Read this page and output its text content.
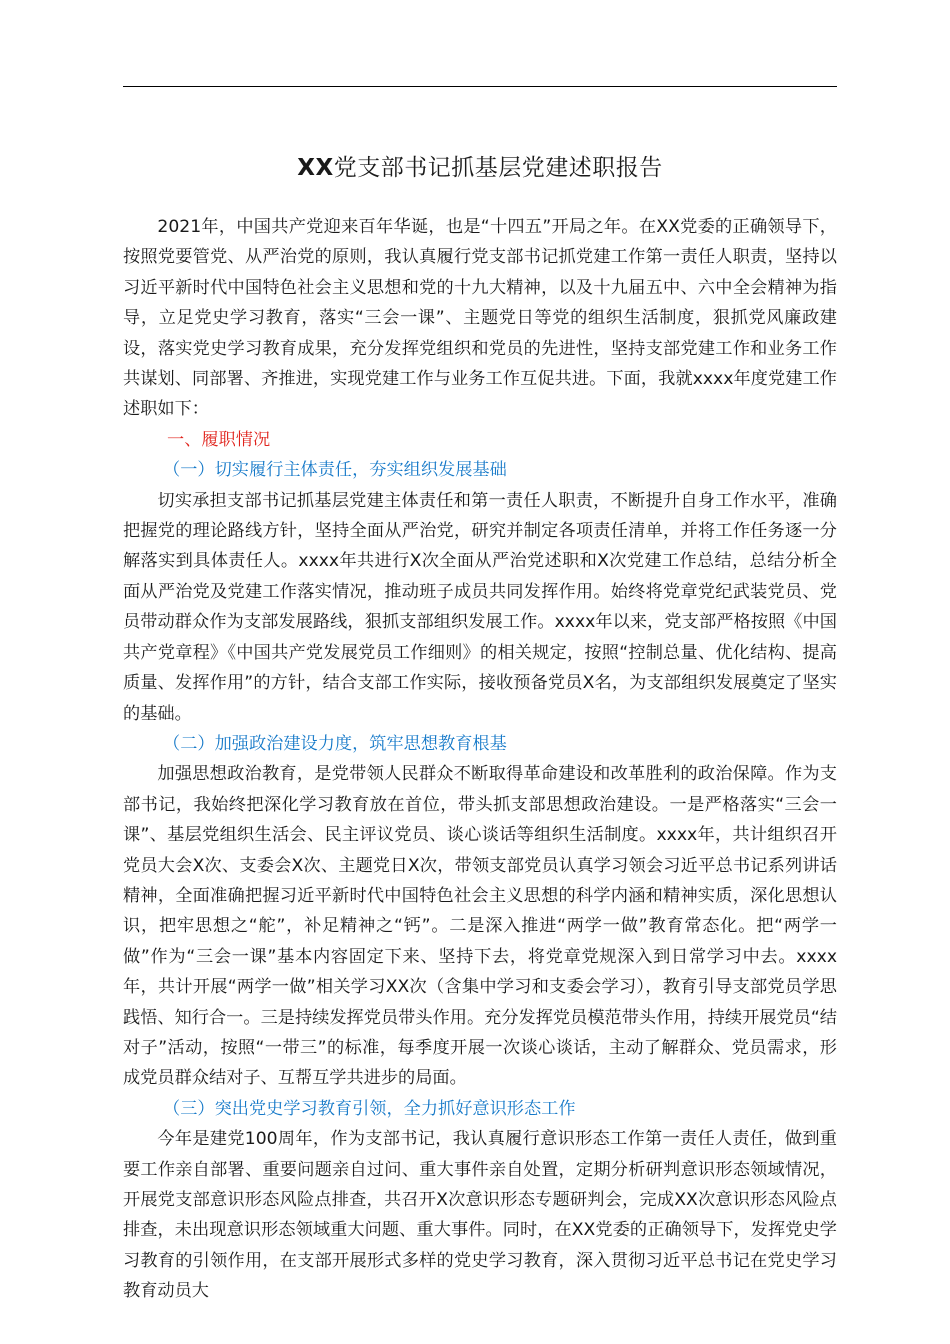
XX党支部书记抓基层党建述职报告

2021年，中国共产党迎来百年华诞，也是“十四五”开局之年。在XX党委的正确领导下，按照党要管党、从严治党的原则，我认真履行党支部书记抓党建工作第一责任人职责，坚持以习近平新时代中国特色社会主义思想和党的十九大精神，以及十九届五中、六中全会精神为指导，立足党史学习教育，落实“三会一课”、主题党日等党的组织生活制度，狠抓党风廉政建设，落实党史学习教育成果，充分发挥党组织和党员的先进性，坚持支部党建工作和业务工作共谋划、同部署、齐推进，实现党建工作与业务工作互促共进。下面，我就xxxx年度党建工作述职如下：

一、履职情况
（一）切实履行主体责任，夯实组织发展基础

切实承担支部书记抓基层党建主体责任和第一责任人职责，不断提升自身工作水平，准确把握党的理论路线方针，坚持全面从严治党，研究并制定各项责任清单，并将工作任务逐一分解落实到具体责任人。xxxx年共进行X次全面从严治党述职和X次党建工作总结，总结分析全面从严治党及党建工作落实情况，推动班子成员共同发挥作用。始终将党章党纪武装党员、党员带动群众作为支部发展路线，狠抓支部组织发展工作。xxxx年以来，党支部严格按照《中国共产党章程》《中国共产党发展党员工作细则》的相关规定，按照“控制总量、优化结构、提高质量、发挥作用”的方针，结合支部工作实际，接收预备党员X名，为支部组织发展奠定了坚实的基础。

（二）加强政治建设力度，筑牢思想教育根基

加强思想政治教育，是党带领人民群众不断取得革命建设和改革胜利的政治保障。作为支部书记，我始终把深化学习教育放在首位，带头抓支部思想政治建设。一是严格落实“三会一课”、基层党组织生活会、民主评议党员、谈心谈话等组织生活制度。xxxx年，共计组织召开党员大会X次、支委会X次、主题党日X次，带领支部党员认真学习领会习近平总书记系列讲话精神，全面准确把握习近平新时代中国特色社会主义思想的科学内涵和精神实质，深化思想认识，把牢思想之“舵”，补足精神之“钙”。二是深入推进“两学一做”教育常态化。把“两学一做”作为“三会一课”基本内容固定下来、坚持下去，将党章党规深入到日常学习中去。xxxx年，共计开展“两学一做”相关学习XX次（含集中学习和支委会学习），教育引导支部党员学思践悟、知行合一。三是持续发挥党员带头作用。充分发挥党员模范带头作用，持续开展党员“结对子”活动，按照“一带三”的标准，每季度开展一次谈心谈话，主动了解群众、党员需求，形成党员群众结对子、互帮互学共进步的局面。

（三）突出党史学习教育引领，全力抓好意识形态工作

今年是建党100周年，作为支部书记，我认真履行意识形态工作第一责任人责任，做到重要工作亲自部署、重要问题亲自过问、重大事件亲自处置，定期分析研判意识形态领域情况，开展党支部意识形态风险点排查，共召开X次意识形态专题研判会，完成XX次意识形态风险点排查，未出现意识形态领域重大问题、重大事件。同时，在XX党委的正确领导下，发挥党史学习教育的引领作用，在支部开展形式多样的党史学习教育，深入贯彻习近平总书记在党史学习教育动员大
